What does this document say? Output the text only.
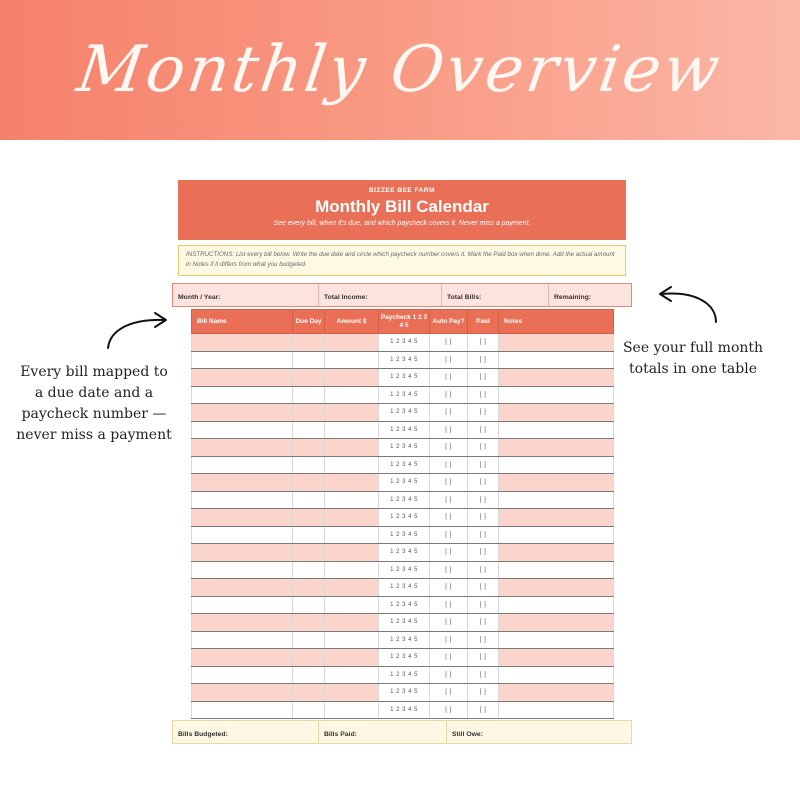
Monthly Overview
BIZZEE BEE FARM
Monthly Bill Calendar
See every bill, when it's due, and which paycheck covers it. Never miss a payment.
INSTRUCTIONS: List every bill below. Write the due date and circle which paycheck number covers it. Mark the Paid box when done. Add the actual amount in Notes if it differs from what you budgeted.
Month / Year:	Total Income:	Total Bills:	Remaining:
Bill Name	Due Day	Amount $	Paycheck 1 2 3 4 5	Auto Pay?	Paid	Notes
			1 2 3 4 5	[ ]	[ ]	
			1 2 3 4 5	[ ]	[ ]	
			1 2 3 4 5	[ ]	[ ]	
			1 2 3 4 5	[ ]	[ ]	
			1 2 3 4 5	[ ]	[ ]	
			1 2 3 4 5	[ ]	[ ]	
			1 2 3 4 5	[ ]	[ ]	
			1 2 3 4 5	[ ]	[ ]	
			1 2 3 4 5	[ ]	[ ]	
			1 2 3 4 5	[ ]	[ ]	
			1 2 3 4 5	[ ]	[ ]	
			1 2 3 4 5	[ ]	[ ]	
			1 2 3 4 5	[ ]	[ ]	
			1 2 3 4 5	[ ]	[ ]	
			1 2 3 4 5	[ ]	[ ]	
			1 2 3 4 5	[ ]	[ ]	
			1 2 3 4 5	[ ]	[ ]	
			1 2 3 4 5	[ ]	[ ]	
			1 2 3 4 5	[ ]	[ ]	
			1 2 3 4 5	[ ]	[ ]	
			1 2 3 4 5	[ ]	[ ]	
			1 2 3 4 5	[ ]	[ ]	
Bills Budgeted:	Bills Paid:	Still Owe:
Every bill mapped to a due date and a paycheck number — never miss a payment
See your full month totals in one table
